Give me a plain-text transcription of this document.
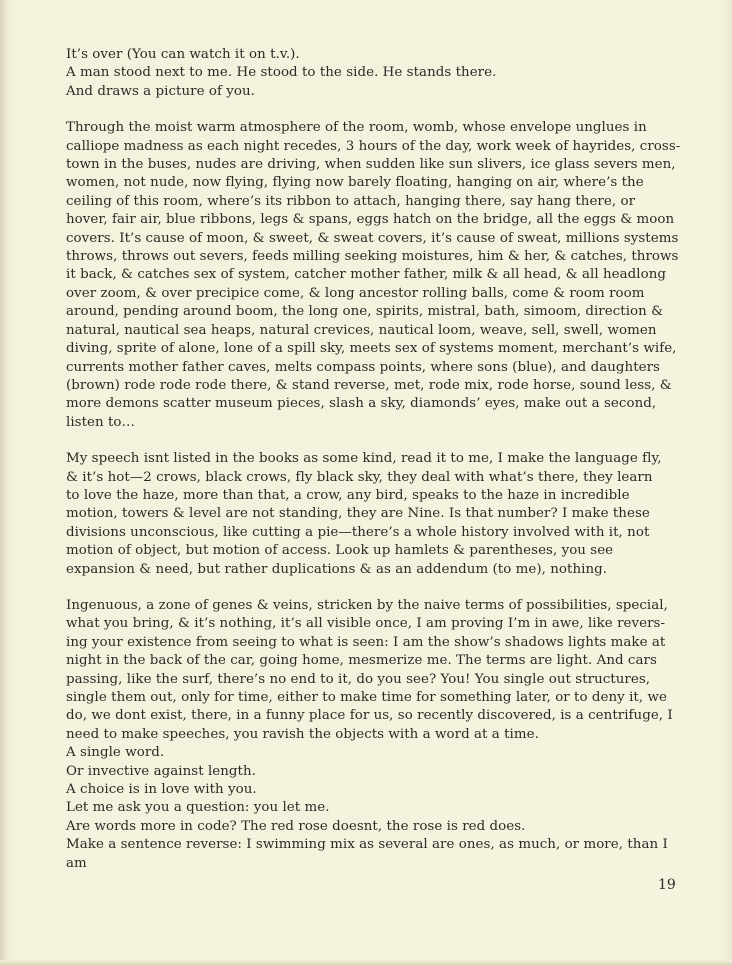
It’s over (You can watch it on t.v.).
A man stood next to me. He stood to the side. He stands there.
And draws a picture of you.

Through the moist warm atmosphere of the room, womb, whose envelope unglues in
calliope madness as each night recedes, 3 hours of the day, work week of hayrides, cross-
town in the buses, nudes are driving, when sudden like sun slivers, ice glass severs men,
women, not nude, now flying, flying now barely floating, hanging on air, where’s the
ceiling of this room, where’s its ribbon to attach, hanging there, say hang there, or
hover, fair air, blue ribbons, legs & spans, eggs hatch on the bridge, all the eggs & moon
covers. It’s cause of moon, & sweet, & sweat covers, it’s cause of sweat, millions systems
throws, throws out severs, feeds milling seeking moistures, him & her, & catches, throws
it back, & catches sex of system, catcher mother father, milk & all head, & all headlong
over zoom, & over precipice come, & long ancestor rolling balls, come & room room
around, pending around boom, the long one, spirits, mistral, bath, simoom, direction &
natural, nautical sea heaps, natural crevices, nautical loom, weave, sell, swell, women
diving, sprite of alone, lone of a spill sky, meets sex of systems moment, merchant’s wife,
currents mother father caves, melts compass points, where sons (blue), and daughters
(brown) rode rode rode there, & stand reverse, met, rode mix, rode horse, sound less, &
more demons scatter museum pieces, slash a sky, diamonds’ eyes, make out a second,
listen to…

My speech isnt listed in the books as some kind, read it to me, I make the language fly,
& it’s hot—2 crows, black crows, fly black sky, they deal with what’s there, they learn
to love the haze, more than that, a crow, any bird, speaks to the haze in incredible
motion, towers & level are not standing, they are Nine. Is that number? I make these
divisions unconscious, like cutting a pie—there’s a whole history involved with it, not
motion of object, but motion of access. Look up hamlets & parentheses, you see
expansion & need, but rather duplications & as an addendum (to me), nothing.

Ingenuous, a zone of genes & veins, stricken by the naive terms of possibilities, special,
what you bring, & it’s nothing, it’s all visible once, I am proving I’m in awe, like revers-
ing your existence from seeing to what is seen: I am the show’s shadows lights make at
night in the back of the car, going home, mesmerize me. The terms are light. And cars
passing, like the surf, there’s no end to it, do you see? You! You single out structures,
single them out, only for time, either to make time for something later, or to deny it, we
do, we dont exist, there, in a funny place for us, so recently discovered, is a centrifuge, I
need to make speeches, you ravish the objects with a word at a time.
A single word.
Or invective against length.
A choice is in love with you.
Let me ask you a question: you let me.
Are words more in code? The red rose doesnt, the rose is red does.
Make a sentence reverse: I swimming mix as several are ones, as much, or more, than I am

19
